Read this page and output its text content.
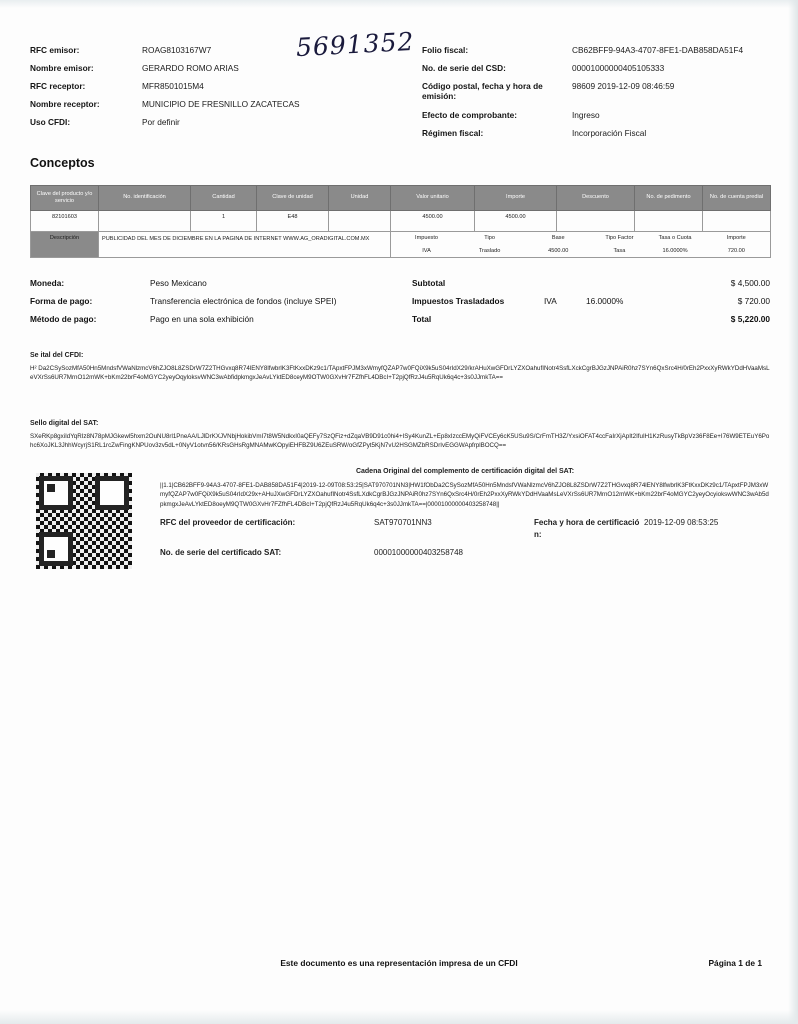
5691352
RFC emisor:	ROAG8103167W7
Nombre emisor:	GERARDO ROMO ARIAS
RFC receptor:	MFR8501015M4
Nombre receptor:	MUNICIPIO DE FRESNILLO ZACATECAS
Uso CFDI:	Por definir
Folio fiscal:	CB62BFF9-94A3-4707-8FE1-DAB858DA51F4
No. de serie del CSD:	00001000000405105333
Código postal, fecha y hora de emisión:
98609 2019-12-09 08:46:59
Efecto de comprobante:	Ingreso
Régimen fiscal:	Incorporación Fiscal
Conceptos
Clave del producto y/o servicio	No. identificación	Cantidad	Clave de unidad	Unidad	Valor unitario	Importe	Descuento	No. de pedimento	No. de cuenta predial
82101603		1	E48		4500.00	4500.00			
Descripción	PUBLICIDAD DEL MES DE DICIEMBRE EN LA PAGINA DE INTERNET WWW.AG_ORADIGITAL.COM.MX		Impuesto	Tipo	Base	Tipo Factor	Tasa o Cuota	Importe
IVA	Traslado	4500.00	Tasa	16.0000%	720.00
Moneda:	Peso Mexicano
Forma de pago:	Transferencia electrónica de fondos (incluye SPEI)
Método de pago:	Pago en una sola exhibición
Subtotal	$ 4,500.00
Impuestos Trasladados	IVA	16.0000%	$ 720.00
Total	$ 5,220.00
Se ital del CFDI:
H² Da2CSySozMfA50Hn5MndsfVWaNlzmcV6hZJO8L8ZSDrW7Z2THGvxq8R74lENY8lfwbrlK3FtKxxDKz9c1/TApxtFPJM3xWmyfQZAP7w0FQiX9k5uS04rIdX29/krAHuXwGFDrLYZXOahufINotr4SsfLXckCgrBJGzJNPAiR0hz7SYn6QxSrc4H/0rEh2PxxXyRWkYDdHVaaMsLeVXrSs6UR7MrnO12mWK+bKm22brF4oMGYC2yeyOqyloksvWNC3wAbfidpkmgxJeAvLYktED8ceyM9OTW0GXvHr7FZfhFL4DBcI+T2pjQfRzJ4u5RqUk6q4c+3s0JJmkTA==
Sello digital del SAT:
SXeRKp8gxiIdYqRIz8N78pMJGkewl5hxm2OuNU8rl1PneAA/LJlDrKXJVNbjHokibVmI7t8W5NdkxI0aQEFy7SzQFiz+dZqaVB9D91c0hi4+ISy4KunZL+Ep8xIzccEMyQiFVCEy6cK5USu9S/CrFmTH3Z/YxsiOFAT4ccFaIrXjApIt2IfuIH1KzRusyTkBpVz36F8Ee+I76W9ETEuY6Pohc6XoJKL3JhhWcyrjS1RL1rcZwFingKNPUov3zv5dL+0NyV1otvn56/KRsGHsRgMNAMwKOpyiEHFBZ9U6ZEuSRW/oGfZPyt5KjN7vU2HSGMZbRSDrIvEGGWApfrplBOCQ==
Cadena Original del complemento de certificación digital del SAT:
||1.1|CB62BFF9-94A3-4707-8FE1-DAB858DA51F4|2019-12-09T08:53:25|SAT970701NN3|HW1fObDa2CSySozMfA50Hn5MndsfVWaNlzmcV6hZJO8L8ZSDrW7Z2THGvxq8R74lENY8lfwbrlK3FtKxxDKz9c1/TApxtFPJM3xWmyfQZAP7w0FQiX9k5uS04rIdX29x+AHuJXwGFDrLYZXOahufINotr4SsfLXdkCgrBJGzJNPAiR0hz7SYn6QxSrc4H/0rEh2PxxXyRWkYDdHVaaMsLeVXrSs6UR7MrnO12mWK+bKm22brF4oMGYC2yeyOcyiokswWNC3wAb5dpkmgxJeAvLYktED8oeyM9QTW0GXvHr7FZfhFL4DBcI+T2pjQfRzJ4u5RqUk6q4c+3s0JJmkTA==|00001000000403258748||
RFC del proveedor de certificación:	SAT970701NN3	Fecha y hora de certificación:
2019-12-09 08:53:25
No. de serie del certificado SAT:	00001000000403258748
Este documento es una representación impresa de un CFDI	Página 1 de 1
